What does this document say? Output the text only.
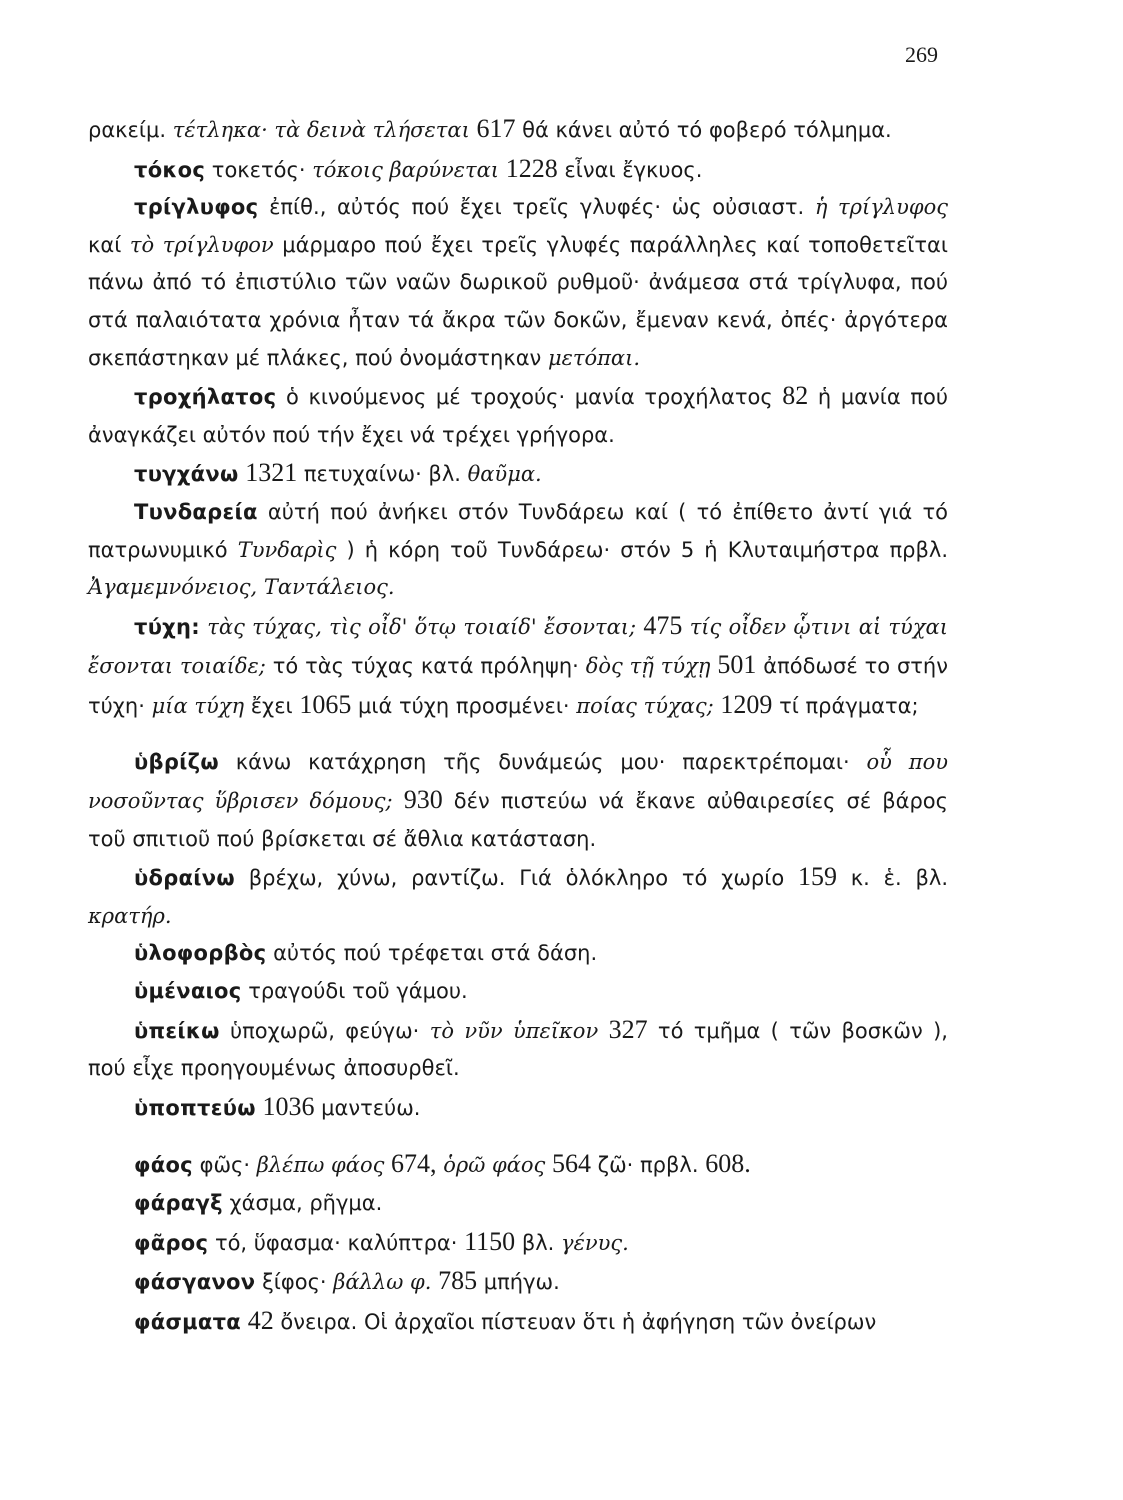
269

ρακείμ. τέτληκα· τὰ δεινὰ τλήσεται 617 θά κάνει αὐτό τό φοβερό τόλμημα.

τόκος τοκετός· τόκοις βαρύνεται 1228 εἶναι ἔγκυος.

τρίγλυφος ἐπίθ., αὐτός πού ἔχει τρεῖς γλυφές· ὡς οὐσιαστ. ἡ τρίγλυφος καί τὸ τρίγλυφον μάρμαρο πού ἔχει τρεῖς γλυφές παράλληλες καί τοποθετεῖται πάνω ἀπό τό ἐπιστύλιο τῶν ναῶν δωρικοῦ ρυθμοῦ· ἀνάμεσα στά τρίγλυφα, πού στά παλαιότατα χρόνια ἦταν τά ἄκρα τῶν δοκῶν, ἔμεναν κενά, ὀπές· ἀργότερα σκεπάστηκαν μέ πλάκες, πού ὀνομάστηκαν μετόπαι.

τροχήλατος ὁ κινούμενος μέ τροχούς· μανία τροχήλατος 82 ἡ μανία πού ἀναγκάζει αὐτόν πού τήν ἔχει νά τρέχει γρήγορα.

τυγχάνω 1321 πετυχαίνω· βλ. θαῦμα.

Τυνδαρεία αὐτή πού ἀνήκει στόν Τυνδάρεω καί ( τό ἐπίθετο ἀντί γιά τό πατρωνυμικό Τυνδαρὶς ) ἡ κόρη τοῦ Τυνδάρεω· στόν 5 ἡ Κλυταιμήστρα πρβλ. Ἀγαμεμνόνειος, Ταντάλειος.

τύχη: τὰς τύχας, τὶς οἶδ' ὅτῳ τοιαίδ' ἔσονται; 475 τίς οἶδεν ᾧτινι αἱ τύχαι ἔσονται τοιαίδε; τό τὰς τύχας κατά πρόληψη· δὸς τῇ τύχῃ 501 ἀπόδωσέ το στήν τύχη· μία τύχη ἔχει 1065 μιά τύχη προσμένει· ποίας τύχας; 1209 τί πράγματα;

ὑβρίζω κάνω κατάχρηση τῆς δυνάμεώς μου· παρεκτρέπομαι· οὗ που νοσοῦντας ὕβρισεν δόμους; 930 δέν πιστεύω νά ἔκανε αὐθαιρεσίες σέ βάρος τοῦ σπιτιοῦ πού βρίσκεται σέ ἄθλια κατάσταση.

ὑδραίνω βρέχω, χύνω, ραντίζω. Γιά ὁλόκληρο τό χωρίο 159 κ. ἑ. βλ. κρατήρ.

ὑλοφορβὸς αὐτός πού τρέφεται στά δάση.

ὑμέναιος τραγούδι τοῦ γάμου.

ὑπείκω ὑποχωρῶ, φεύγω· τὸ νῦν ὑπεῖκον 327 τό τμῆμα ( τῶν βοσκῶν ), πού εἶχε προηγουμένως ἀποσυρθεῖ.

ὑποπτεύω 1036 μαντεύω.

φάος φῶς· βλέπω φάος 674, ὁρῶ φάος 564 ζῶ· πρβλ. 608.

φάραγξ χάσμα, ρῆγμα.

φᾶρος τό, ὕφασμα· καλύπτρα· 1150 βλ. γένυς.

φάσγανον ξίφος· βάλλω φ. 785 μπήγω.

φάσματα 42 ὄνειρα. Οἱ ἀρχαῖοι πίστευαν ὅτι ἡ ἀφήγηση τῶν ὀνείρων
